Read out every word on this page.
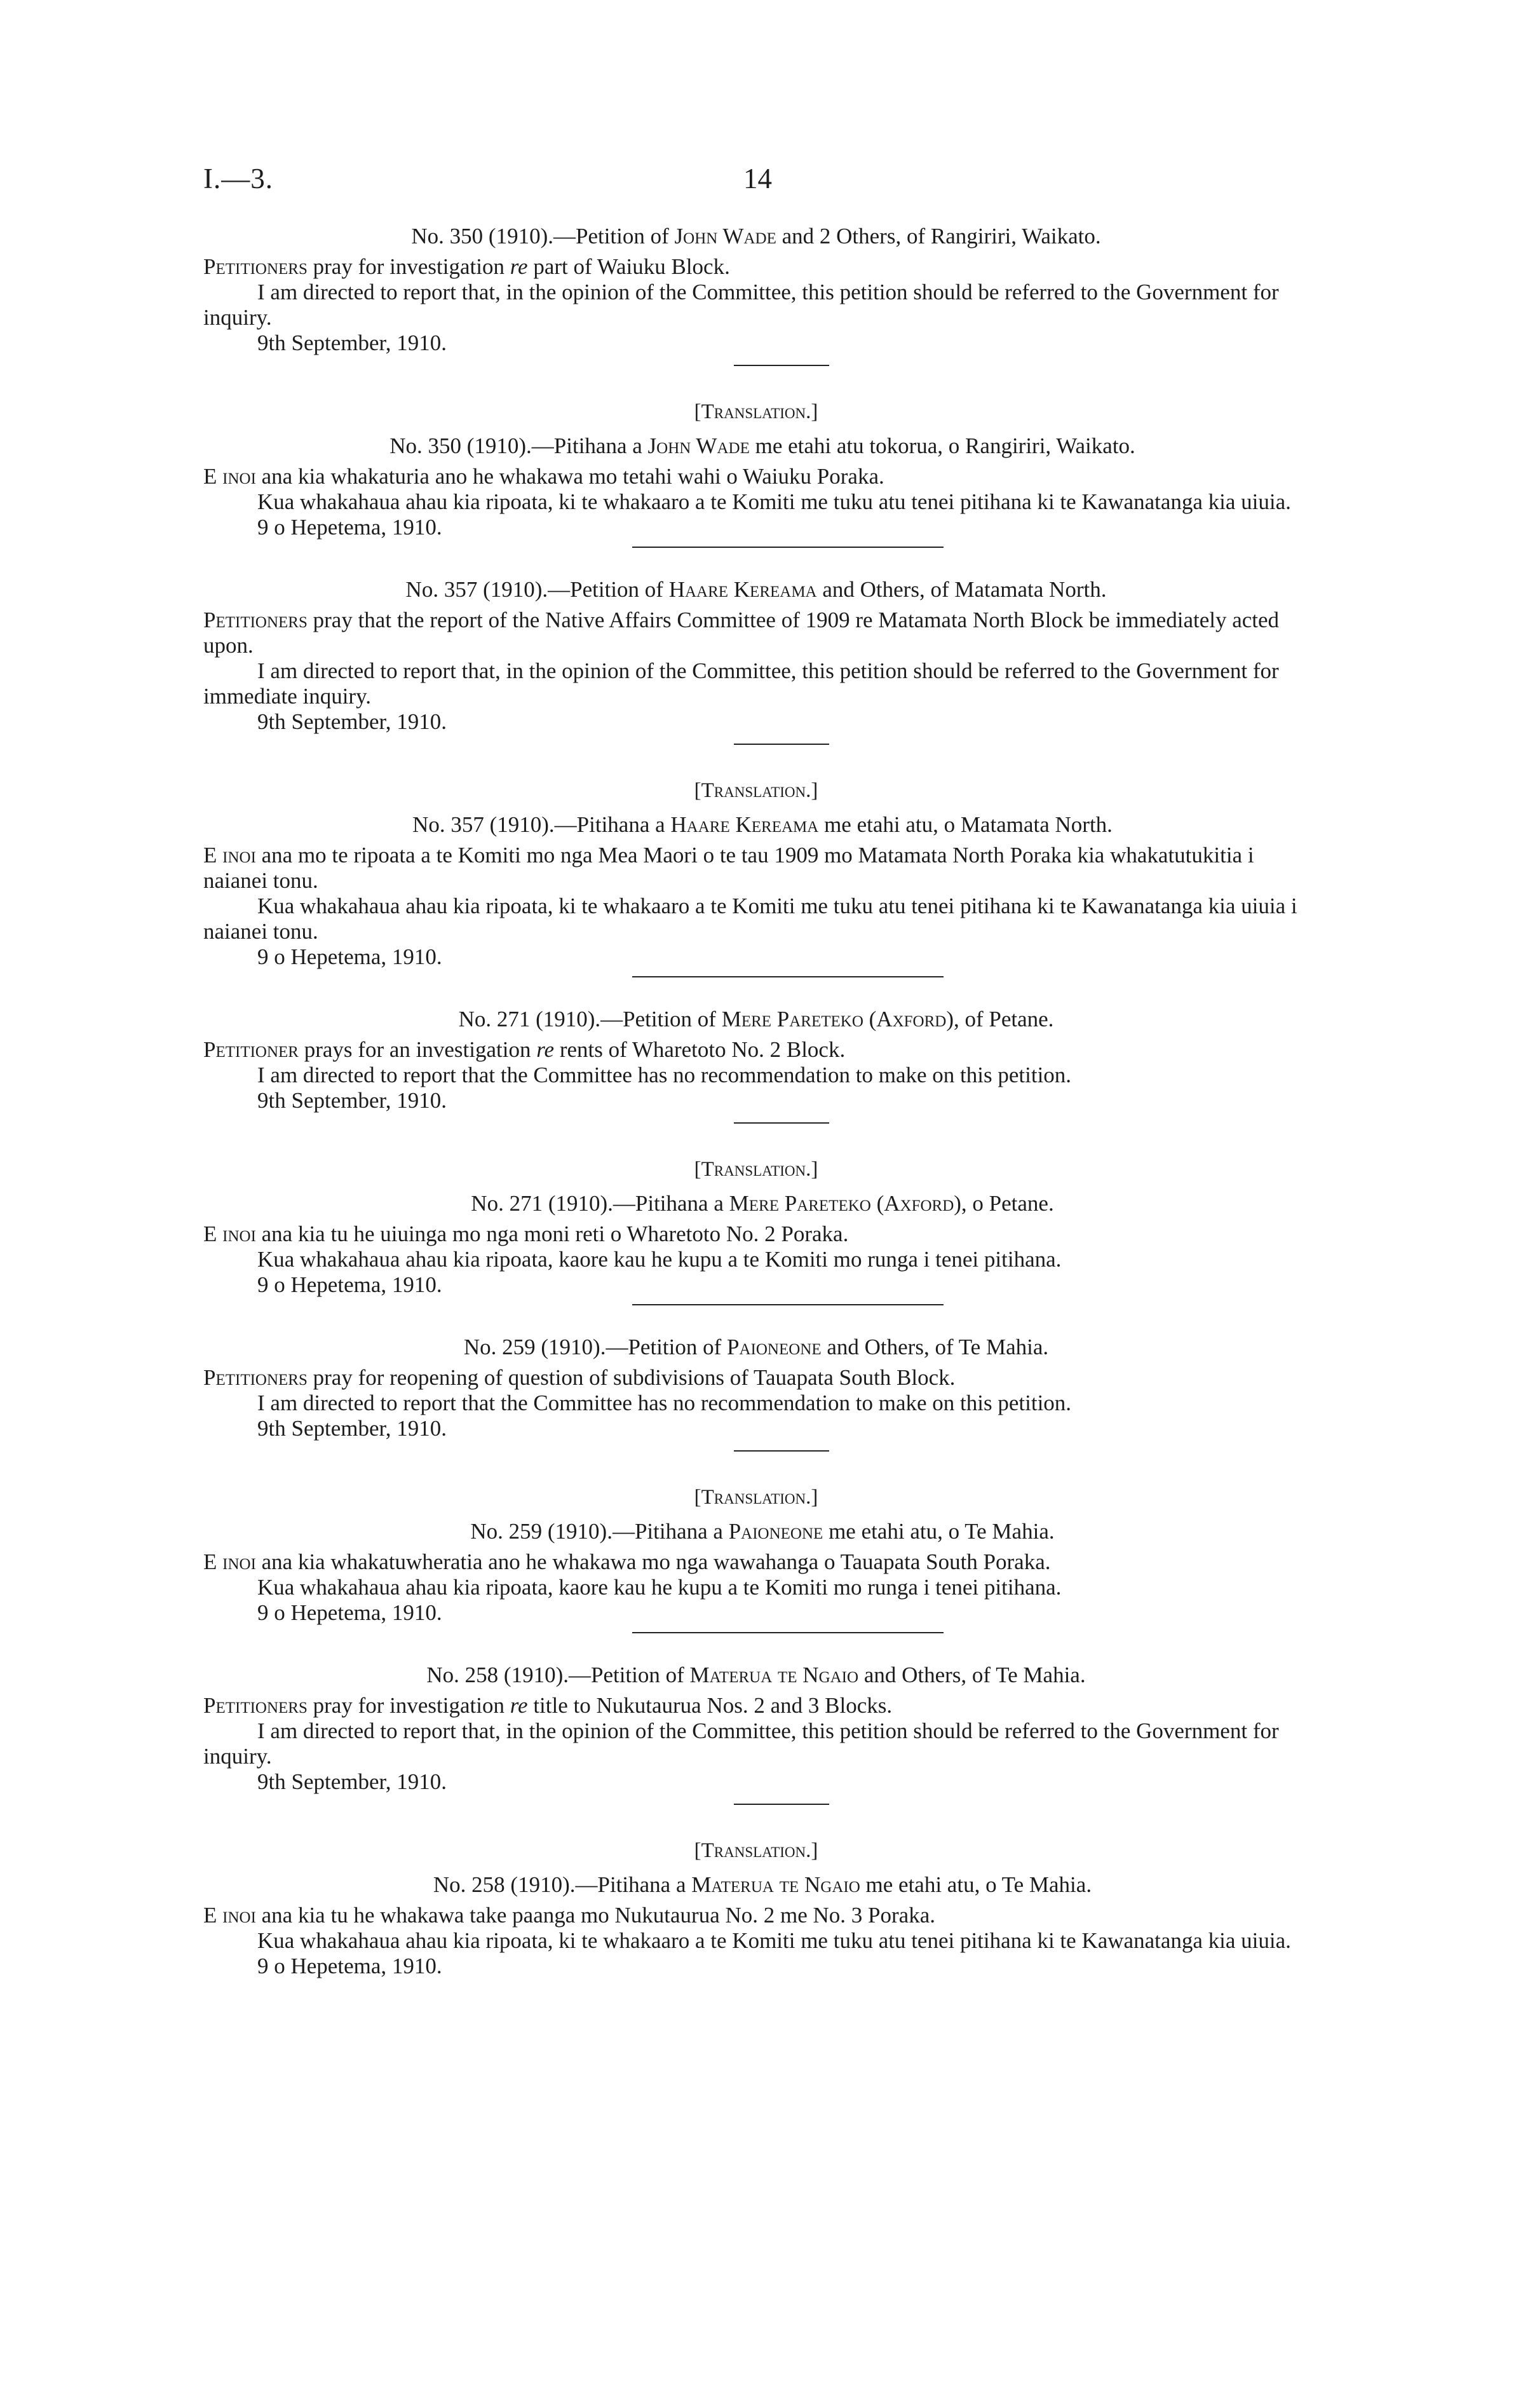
I.—3.	14
No. 350 (1910).—Petition of John Wade and 2 Others, of Rangiriri, Waikato.
Petitioners pray for investigation re part of Waiuku Block.
I am directed to report that, in the opinion of the Committee, this petition should be referred to the Government for inquiry.
9th September, 1910.
[Translation.]
No. 350 (1910).—Pitihana a John Wade me etahi atu tokorua, o Rangiriri, Waikato.
E inoi ana kia whakaturia ano he whakawa mo tetahi wahi o Waiuku Poraka.
Kua whakahaua ahau kia ripoata, ki te whakaaro a te Komiti me tuku atu tenei pitihana ki te Kawanatanga kia uiuia.
9 o Hepetema, 1910.
No. 357 (1910).—Petition of Haare Kereama and Others, of Matamata North.
Petitioners pray that the report of the Native Affairs Committee of 1909 re Matamata North Block be immediately acted upon.
I am directed to report that, in the opinion of the Committee, this petition should be referred to the Government for immediate inquiry.
9th September, 1910.
[Translation.]
No. 357 (1910).—Pitihana a Haare Kereama me etahi atu, o Matamata North.
E inoi ana mo te ripoata a te Komiti mo nga Mea Maori o te tau 1909 mo Matamata North Poraka kia whakatutukitia i naianei tonu.
Kua whakahaua ahau kia ripoata, ki te whakaaro a te Komiti me tuku atu tenei pitihana ki te Kawanatanga kia uiuia i naianei tonu.
9 o Hepetema, 1910.
No. 271 (1910).—Petition of Mere Pareteko (Axford), of Petane.
Petitioner prays for an investigation re rents of Wharetoto No. 2 Block.
I am directed to report that the Committee has no recommendation to make on this petition.
9th September, 1910.
[Translation.]
No. 271 (1910).—Pitihana a Mere Pareteko (Axford), o Petane.
E inoi ana kia tu he uiuinga mo nga moni reti o Wharetoto No. 2 Poraka.
Kua whakahaua ahau kia ripoata, kaore kau he kupu a te Komiti mo runga i tenei pitihana.
9 o Hepetema, 1910.
No. 259 (1910).—Petition of Paioneone and Others, of Te Mahia.
Petitioners pray for reopening of question of subdivisions of Tauapata South Block.
I am directed to report that the Committee has no recommendation to make on this petition.
9th September, 1910.
[Translation.]
No. 259 (1910).—Pitihana a Paioneone me etahi atu, o Te Mahia.
E inoi ana kia whakatuwheratia ano he whakawa mo nga wawahanga o Tauapata South Poraka.
Kua whakahaua ahau kia ripoata, kaore kau he kupu a te Komiti mo runga i tenei pitihana.
9 o Hepetema, 1910.
No. 258 (1910).—Petition of Materua te Ngaio and Others, of Te Mahia.
Petitioners pray for investigation re title to Nukutaurua Nos. 2 and 3 Blocks.
I am directed to report that, in the opinion of the Committee, this petition should be referred to the Government for inquiry.
9th September, 1910.
[Translation.]
No. 258 (1910).—Pitihana a Materua te Ngaio me etahi atu, o Te Mahia.
E inoi ana kia tu he whakawa take paanga mo Nukutaurua No. 2 me No. 3 Poraka.
Kua whakahaua ahau kia ripoata, ki te whakaaro a te Komiti me tuku atu tenei pitihana ki te Kawanatanga kia uiuia.
9 o Hepetema, 1910.
